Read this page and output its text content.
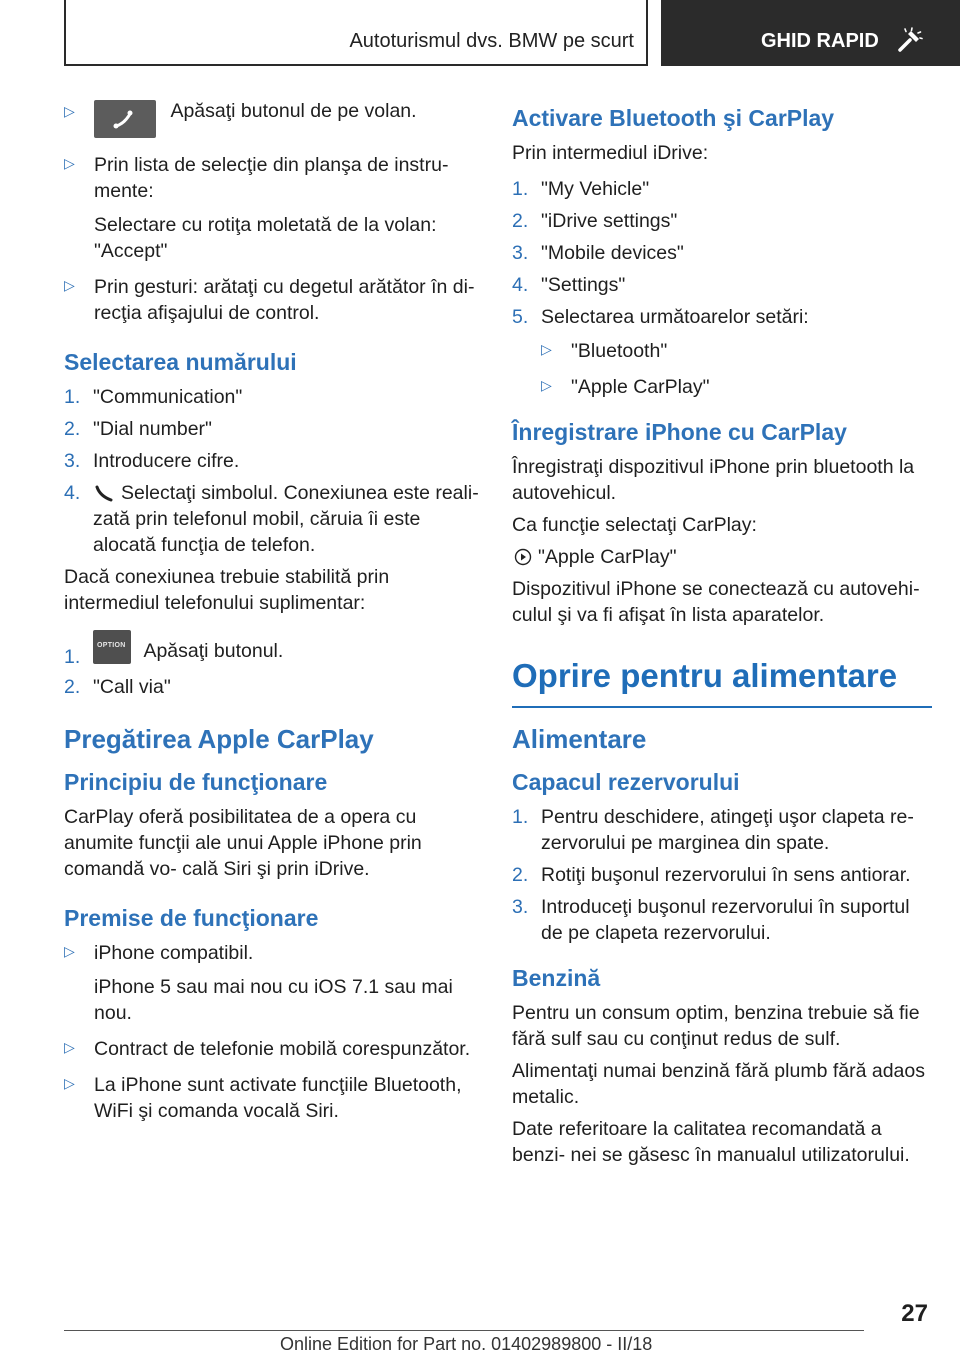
Autoturismul dvs. BMW pe scurt	GHID RAPID
▷	Apăsaţi butonul de pe volan.
▷ Prin lista de selecţie din planşa de instru‐ mente:

Selectare cu rotiţa moletată de la volan: "Accept"

▷ Prin gesturi: arătaţi cu degetul arătător în di‐ recţia afişajului de control.

Selectarea numărului
1. "Communication"

2. "Dial number"

3. Introducere cifre.

4.	Selectaţi simbolul. Conexiunea este reali‐ zată prin telefonul mobil, căruia îi este alocată funcţia de telefon.

Dacă conexiunea trebuie stabilită prin intermediul telefonului suplimentar:

1.
OPTION Apăsaţi butonul.
2. "Call via"

Pregătirea Apple CarPlay
Principiu de funcţionare

CarPlay oferă posibilitatea de a opera cu anumite funcţii ale unui Apple iPhone prin comandă vo‐ cală Siri şi prin iDrive.

Premise de funcţionare
▷ iPhone compatibil.

iPhone 5 sau mai nou cu iOS 7.1 sau mai nou.

▷ Contract de telefonie mobilă corespunzător.

▷ La iPhone sunt activate funcţiile Bluetooth, WiFi şi comanda vocală Siri.

Activare Bluetooth şi CarPlay

Prin intermediul iDrive:

1. "My Vehicle"

2. "iDrive settings"

3. "Mobile devices"

4. "Settings"

5. Selectarea următoarelor setări:

▷ "Bluetooth"

▷ "Apple CarPlay"

Înregistrare iPhone cu CarPlay

Înregistraţi dispozitivul iPhone prin bluetooth la autovehicul.

Ca funcţie selectaţi CarPlay:

"Apple CarPlay"

Dispozitivul iPhone se conectează cu autovehi‐ culul şi va fi afişat în lista aparatelor.

Oprire pentru alimentare
Alimentare
Capacul rezervorului
1. Pentru deschidere, atingeţi uşor clapeta re‐ zervorului pe marginea din spate.

2. Rotiţi buşonul rezervorului în sens antiorar.

3. Introduceţi buşonul rezervorului în suportul de pe clapeta rezervorului.

Benzină

Pentru un consum optim, benzina trebuie să fie fără sulf sau cu conţinut redus de sulf.

Alimentaţi numai benzină fără plumb fără adaos metalic.

Date referitoare la calitatea recomandată a benzi‐ nei se găsesc în manualul utilizatorului.

27
Online Edition for Part no. 01402989800 - II/18
